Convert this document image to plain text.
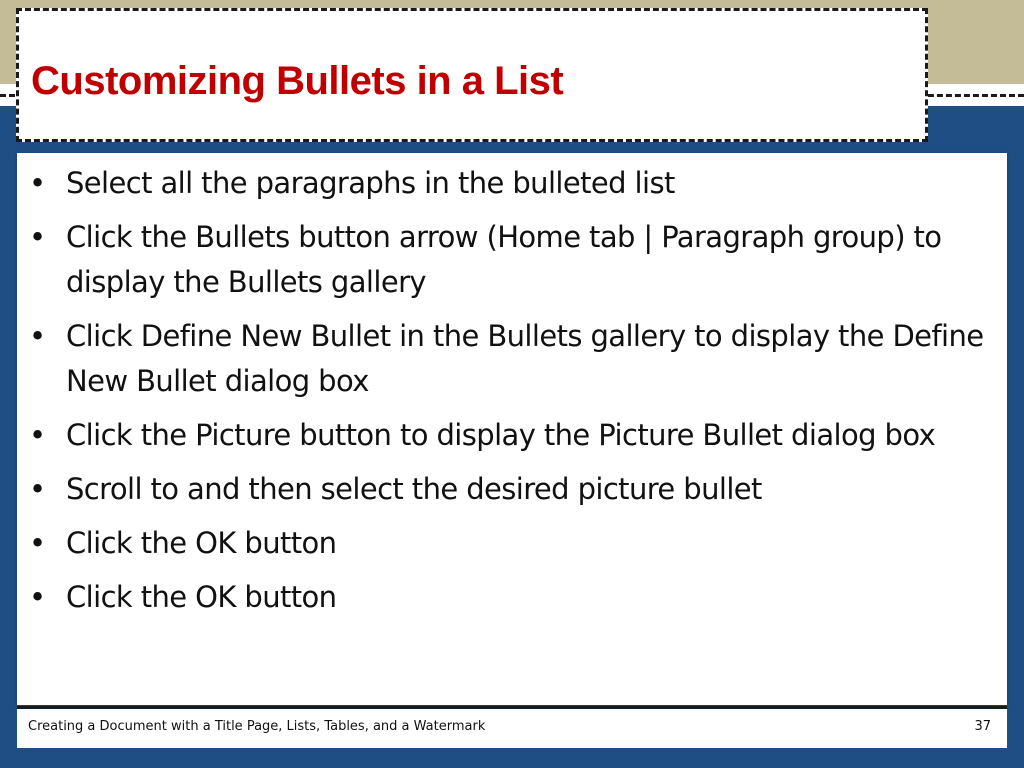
Customizing Bullets in a List
• Select all the paragraphs in the bulleted list
• Click the Bullets button arrow (Home tab | Paragraph group) to display the Bullets gallery
• Click Define New Bullet in the Bullets gallery to display the Define New Bullet dialog box
• Click the Picture button to display the Picture Bullet dialog box
• Scroll to and then select the desired picture bullet
• Click the OK button
• Click the OK button
Creating a Document with a Title Page, Lists, Tables, and a Watermark	37
